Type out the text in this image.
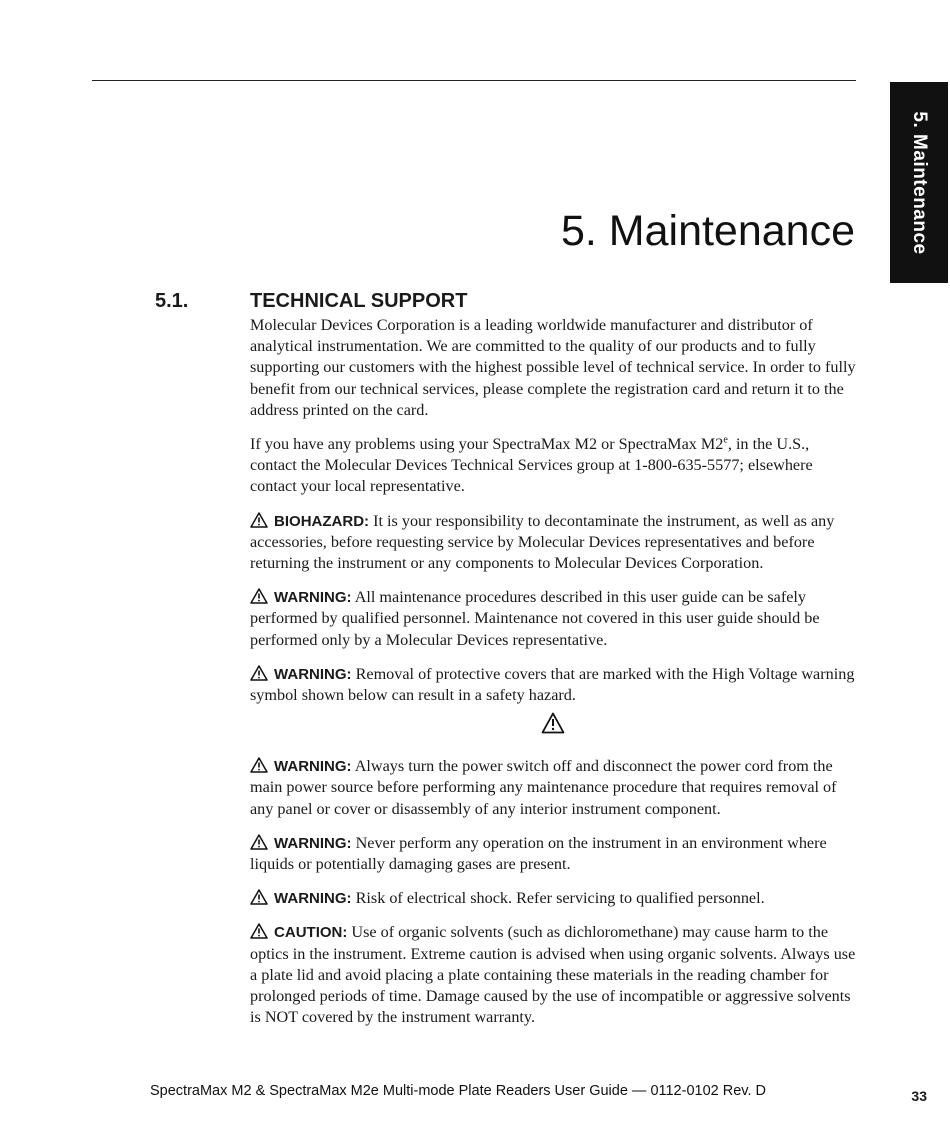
5. Maintenance
5. Maintenance
5.1.	TECHNICAL SUPPORT

Molecular Devices Corporation is a leading worldwide manufacturer and distributor of analytical instrumentation. We are committed to the quality of our products and to fully supporting our customers with the highest possible level of technical service. In order to fully benefit from our technical services, please complete the registration card and return it to the address printed on the card.

If you have any problems using your SpectraMax M2 or SpectraMax M2e, in the U.S., contact the Molecular Devices Technical Services group at 1-800-635-5577; elsewhere contact your local representative.

BIOHAZARD: It is your responsibility to decontaminate the instrument, as well as any accessories, before requesting service by Molecular Devices representatives and before returning the instrument or any components to Molecular Devices Corporation.

WARNING: All maintenance procedures described in this user guide can be safely performed by qualified personnel. Maintenance not covered in this user guide should be performed only by a Molecular Devices representative.

WARNING: Removal of protective covers that are marked with the High Voltage warning symbol shown below can result in a safety hazard.

WARNING: Always turn the power switch off and disconnect the power cord from the main power source before performing any maintenance procedure that requires removal of any panel or cover or disassembly of any interior instrument component.

WARNING: Never perform any operation on the instrument in an environment where liquids or potentially damaging gases are present.

WARNING: Risk of electrical shock. Refer servicing to qualified personnel.

CAUTION: Use of organic solvents (such as dichloromethane) may cause harm to the optics in the instrument. Extreme caution is advised when using organic solvents. Always use a plate lid and avoid placing a plate containing these materials in the reading chamber for prolonged periods of time. Damage caused by the use of incompatible or aggressive solvents is NOT covered by the instrument warranty.

SpectraMax M2 & SpectraMax M2e Multi-mode Plate Readers User Guide — 0112-0102 Rev. D	33
